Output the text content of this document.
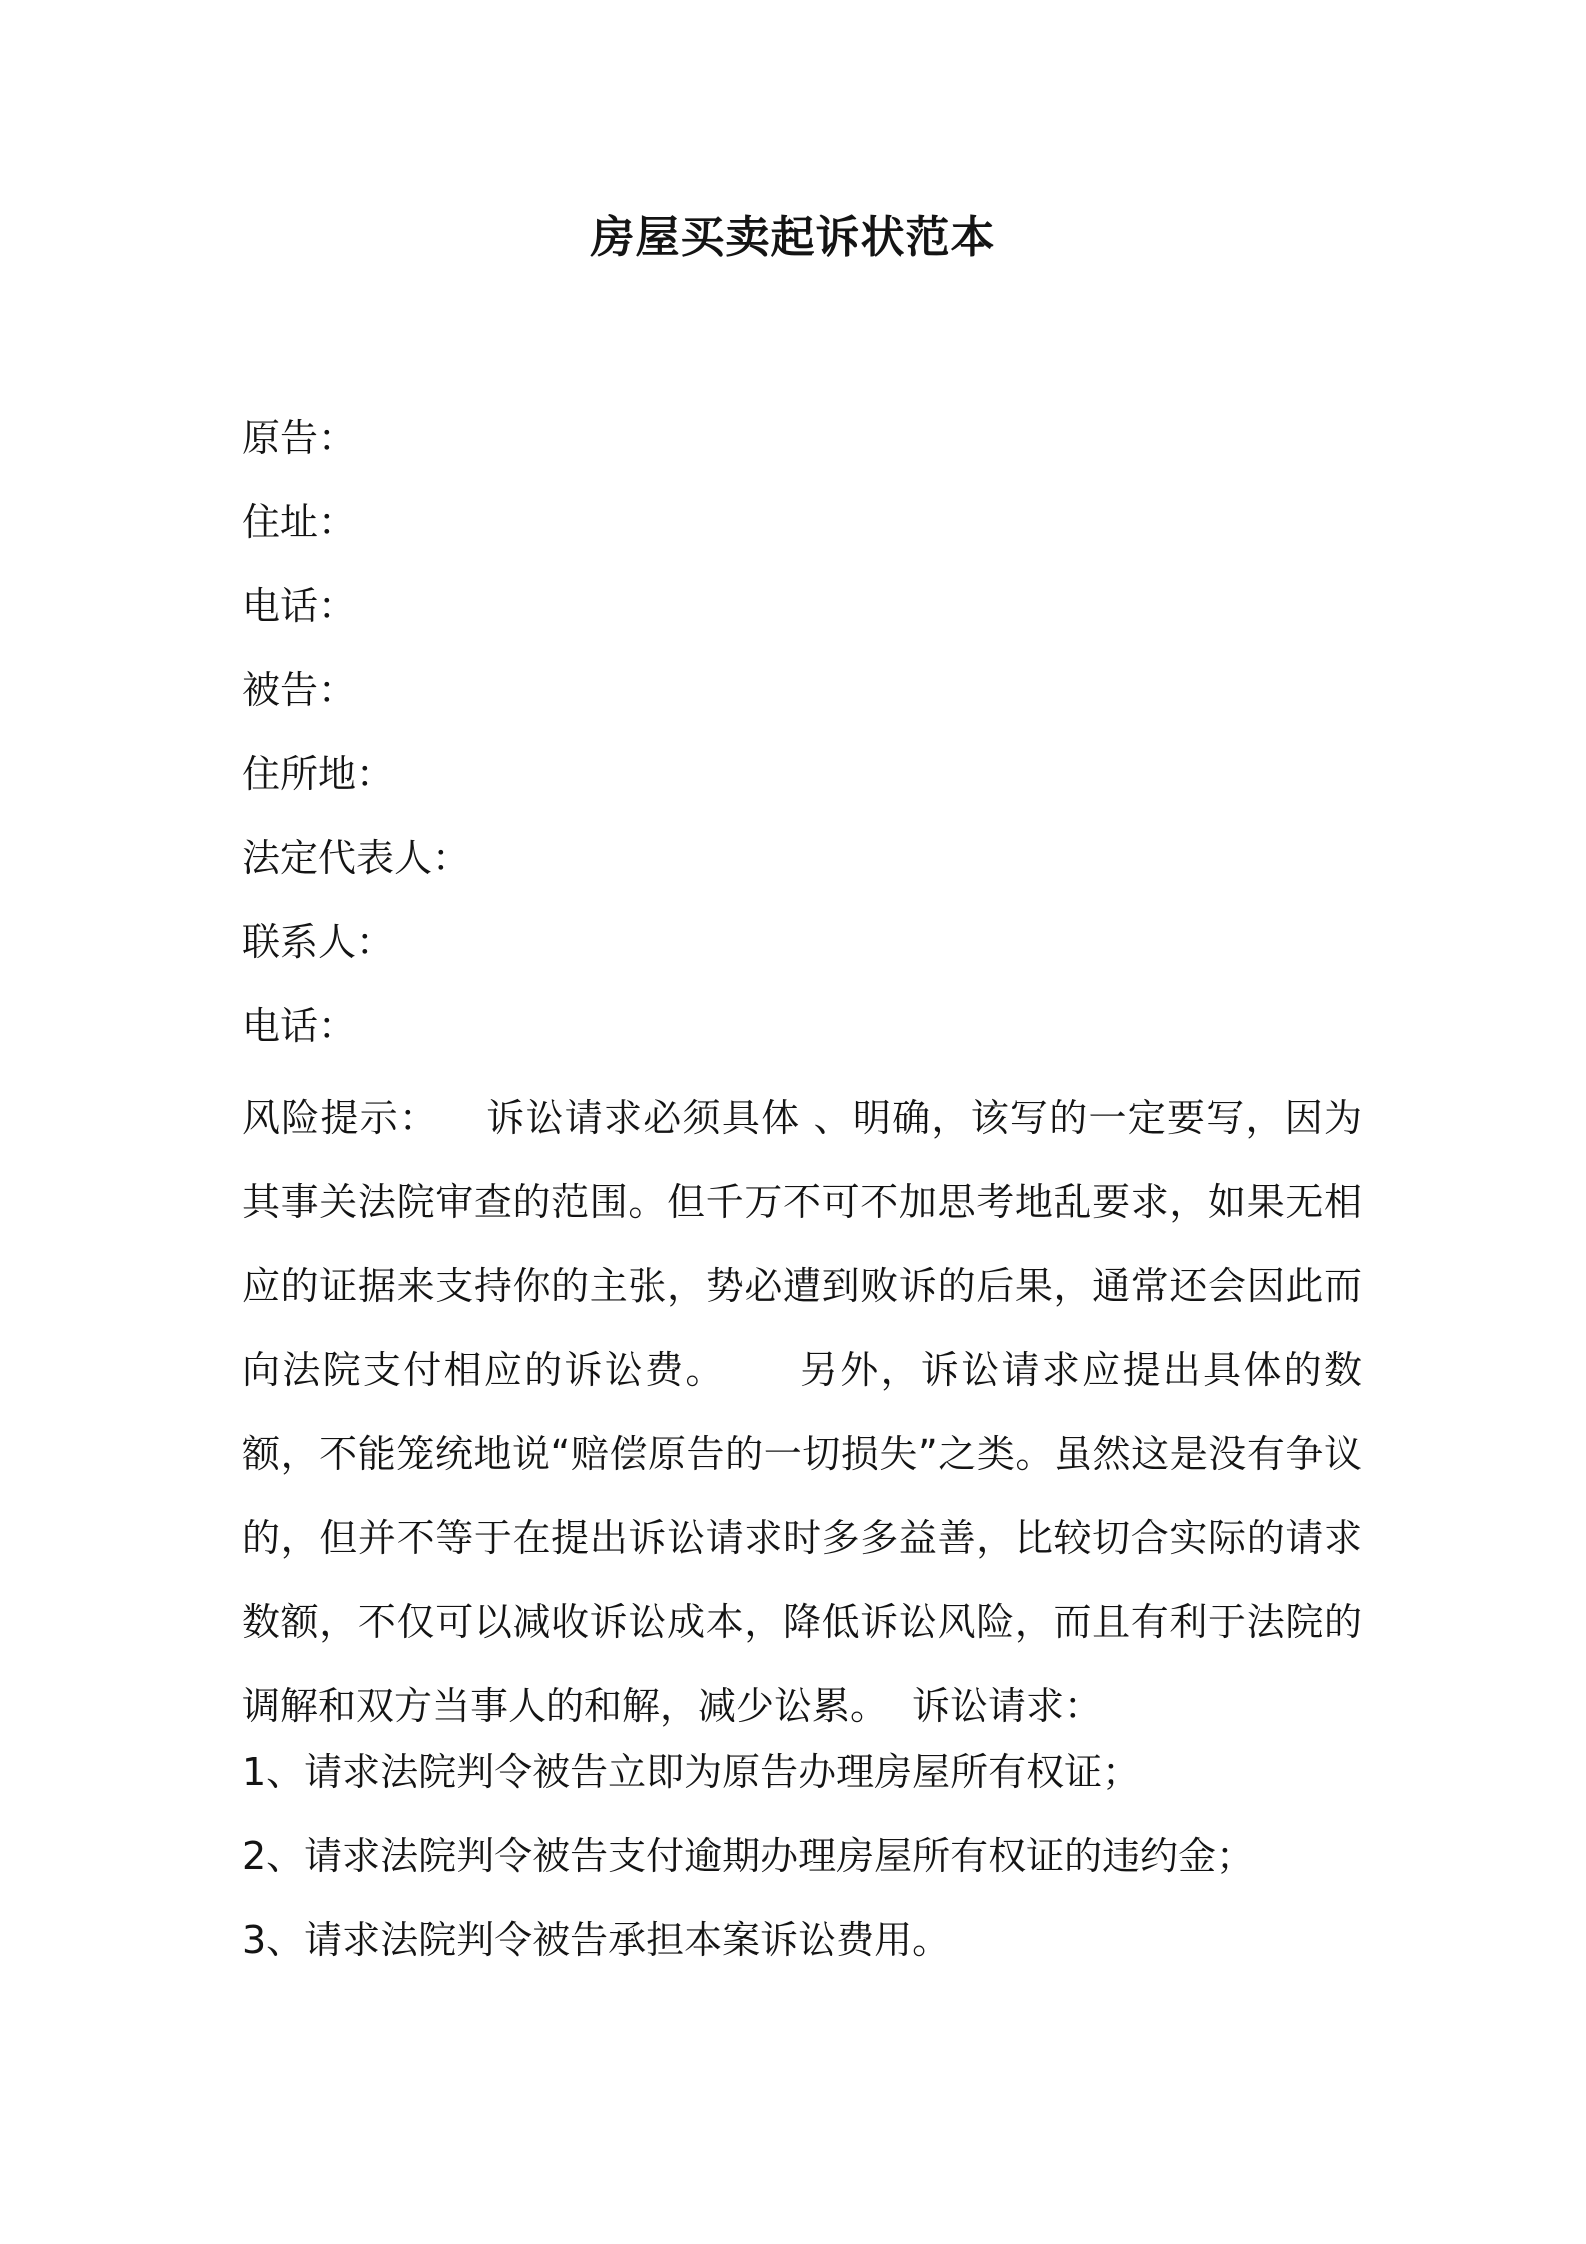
房屋买卖起诉状范本
原告：
住址：
电话：
被告：
住所地：
法定代表人：
联系人：
电话：

风险提示： 诉讼请求必须具体 、明确，该写的一定要写，因为其事关法院审查的范围。但千万不可不加思考地乱要求，如果无相应的证据来支持你的主张，势必遭到败诉的后果，通常还会因此而向法院支付相应的诉讼费。 另外，诉讼请求应提出具体的数额，不能笼统地说“赔偿原告的一切损失”之类。虽然这是没有争议的，但并不等于在提出诉讼请求时多多益善，比较切合实际的请求数额，不仅可以减收诉讼成本，降低诉讼风险，而且有利于法院的调解和双方当事人的和解，减少讼累。 诉讼请求：

1、请求法院判令被告立即为原告办理房屋所有权证；
2、请求法院判令被告支付逾期办理房屋所有权证的违约金；
3、请求法院判令被告承担本案诉讼费用。
